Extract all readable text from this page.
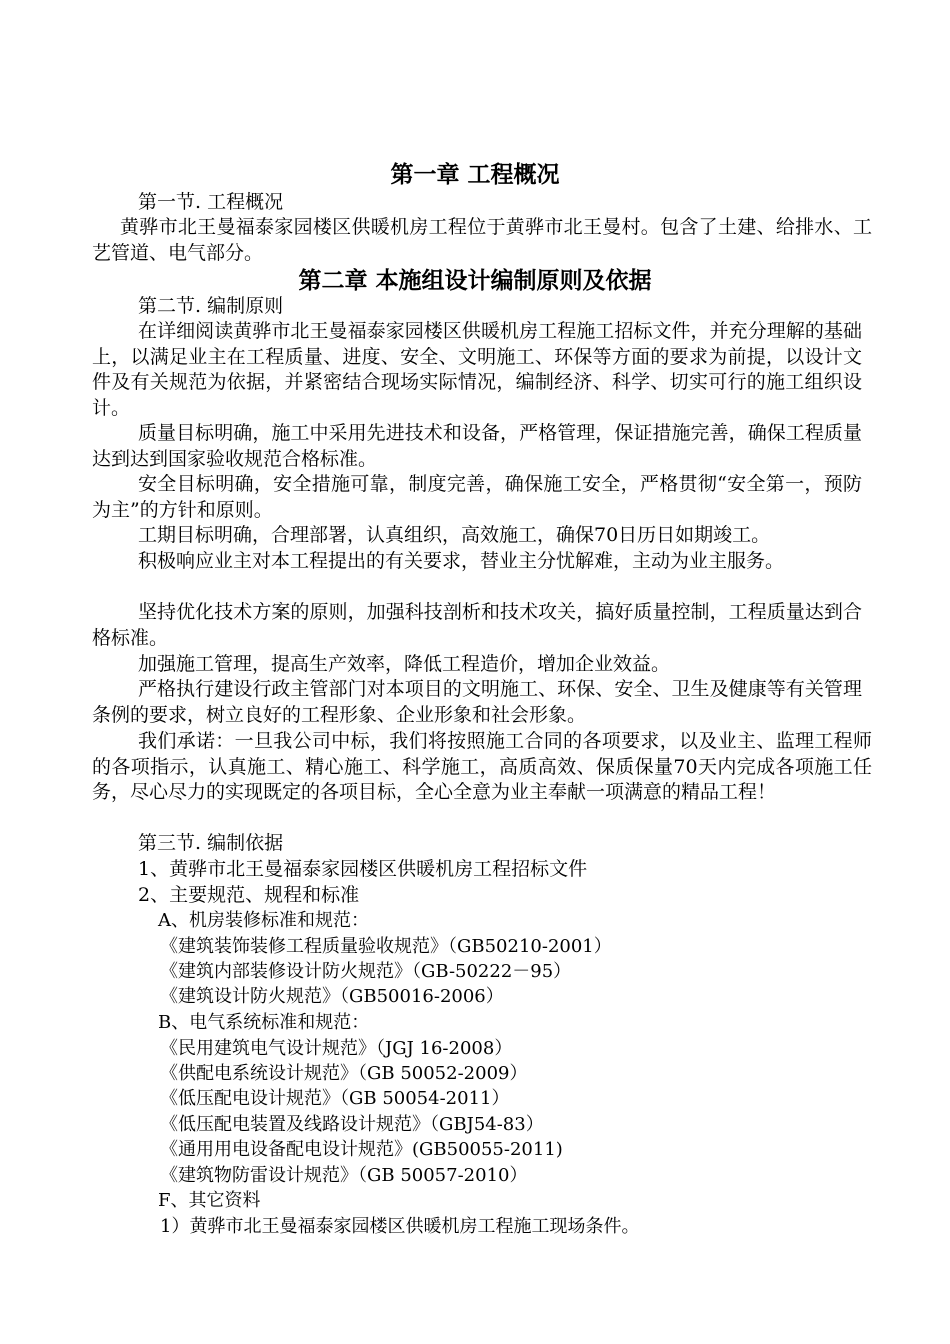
第一章 工程概况
第一节. 工程概况
黄骅市北王曼福泰家园楼区供暖机房工程位于黄骅市北王曼村。包含了土建、给排水、工艺管道、电气部分。
第二章 本施组设计编制原则及依据
第二节. 编制原则
在详细阅读黄骅市北王曼福泰家园楼区供暖机房工程施工招标文件，并充分理解的基础上，以满足业主在工程质量、进度、安全、文明施工、环保等方面的要求为前提，以设计文件及有关规范为依据，并紧密结合现场实际情况，编制经济、科学、切实可行的施工组织设计。
质量目标明确，施工中采用先进技术和设备，严格管理，保证措施完善，确保工程质量达到达到国家验收规范合格标准。
安全目标明确，安全措施可靠，制度完善，确保施工安全，严格贯彻“安全第一，预防为主”的方针和原则。
工期目标明确，合理部署，认真组织，高效施工，确保70日历日如期竣工。
积极响应业主对本工程提出的有关要求，替业主分忧解难，主动为业主服务。
坚持优化技术方案的原则，加强科技剖析和技术攻关，搞好质量控制，工程质量达到合格标准。
加强施工管理，提高生产效率，降低工程造价，增加企业效益。
严格执行建设行政主管部门对本项目的文明施工、环保、安全、卫生及健康等有关管理条例的要求，树立良好的工程形象、企业形象和社会形象。
我们承诺：一旦我公司中标，我们将按照施工合同的各项要求，以及业主、监理工程师的各项指示，认真施工、精心施工、科学施工，高质高效、保质保量70天内完成各项施工任务，尽心尽力的实现既定的各项目标，全心全意为业主奉献一项满意的精品工程！
第三节. 编制依据
1、黄骅市北王曼福泰家园楼区供暖机房工程招标文件
2、主要规范、规程和标准
A、机房装修标准和规范：
《建筑装饰装修工程质量验收规范》（GB50210-2001）
《建筑内部装修设计防火规范》（GB-50222－95）
《建筑设计防火规范》（GB50016-2006）
B、电气系统标准和规范：
《民用建筑电气设计规范》（JGJ 16-2008）
《供配电系统设计规范》（GB 50052-2009）
《低压配电设计规范》（GB 50054-2011）
《低压配电装置及线路设计规范》（GBJ54-83）
《通用用电设备配电设计规范》(GB50055-2011)
《建筑物防雷设计规范》（GB 50057-2010）
F、其它资料
1）黄骅市北王曼福泰家园楼区供暖机房工程施工现场条件。
